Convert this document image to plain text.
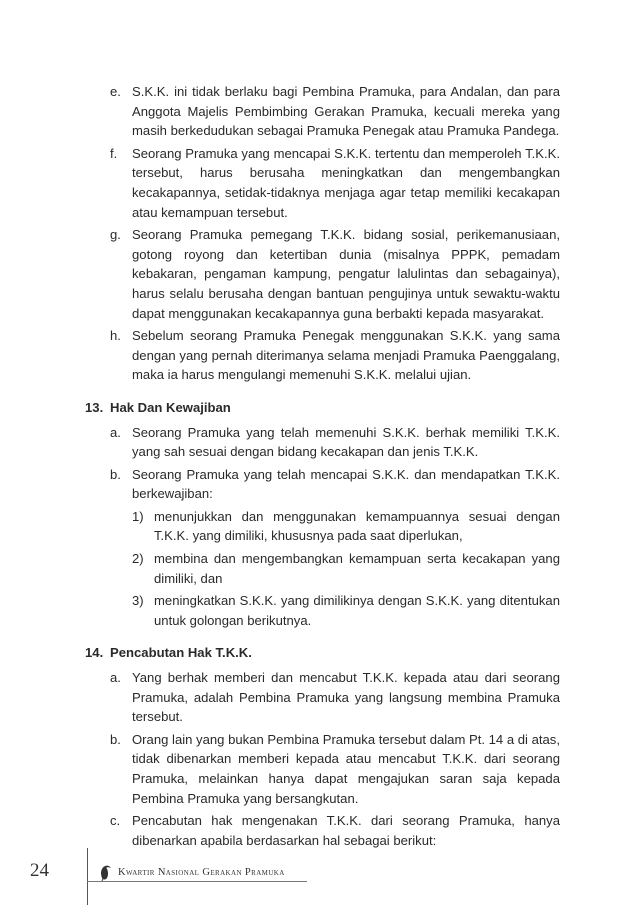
e. S.K.K. ini tidak berlaku bagi Pembina Pramuka, para Andalan, dan para Anggota Majelis Pembimbing Gerakan Pramuka, kecuali mereka yang masih berkedudukan sebagai Pramuka Penegak atau Pramuka Pandega.
f. Seorang Pramuka yang mencapai S.K.K. tertentu dan memperoleh T.K.K. tersebut, harus berusaha meningkatkan dan mengembangkan kecakapannya, setidak-tidaknya menjaga agar tetap memiliki kecakapan atau kemampuan tersebut.
g. Seorang Pramuka pemegang T.K.K. bidang sosial, perikemanusiaan, gotong royong dan ketertiban dunia (misalnya PPPK, pemadam kebakaran, pengaman kampung, pengatur lalulintas dan sebagainya), harus selalu berusaha dengan bantuan pengujinya untuk sewaktu-waktu dapat menggunakan kecakapannya guna berbakti kepada masyarakat.
h. Sebelum seorang Pramuka Penegak menggunakan S.K.K. yang sama dengan yang pernah diterimanya selama menjadi Pramuka Paenggalang, maka ia harus mengulangi memenuhi S.K.K. melalui ujian.
13. Hak Dan Kewajiban
a. Seorang Pramuka yang telah memenuhi S.K.K. berhak memiliki T.K.K. yang sah sesuai dengan bidang kecakapan dan jenis T.K.K.
b. Seorang Pramuka yang telah mencapai S.K.K. dan mendapatkan T.K.K. berkewajiban:
1) menunjukkan dan menggunakan kemampuannya sesuai dengan T.K.K. yang dimiliki, khususnya pada saat diperlukan,
2) membina dan mengembangkan kemampuan serta kecakapan yang dimiliki, dan
3) meningkatkan S.K.K. yang dimilikinya dengan S.K.K. yang ditentukan untuk golongan berikutnya.
14. Pencabutan Hak T.K.K.
a. Yang berhak memberi dan mencabut T.K.K. kepada atau dari seorang Pramuka, adalah Pembina Pramuka yang langsung membina Pramuka tersebut.
b. Orang lain yang bukan Pembina Pramuka tersebut dalam Pt. 14 a di atas, tidak dibenarkan memberi kepada atau mencabut T.K.K. dari seorang Pramuka, melainkan hanya dapat mengajukan saran saja kepada Pembina Pramuka yang bersangkutan.
c. Pencabutan hak mengenakan T.K.K. dari seorang Pramuka, hanya dibenarkan apabila berdasarkan hal sebagai berikut:
24	Kwartir Nasional Gerakan Pramuka
